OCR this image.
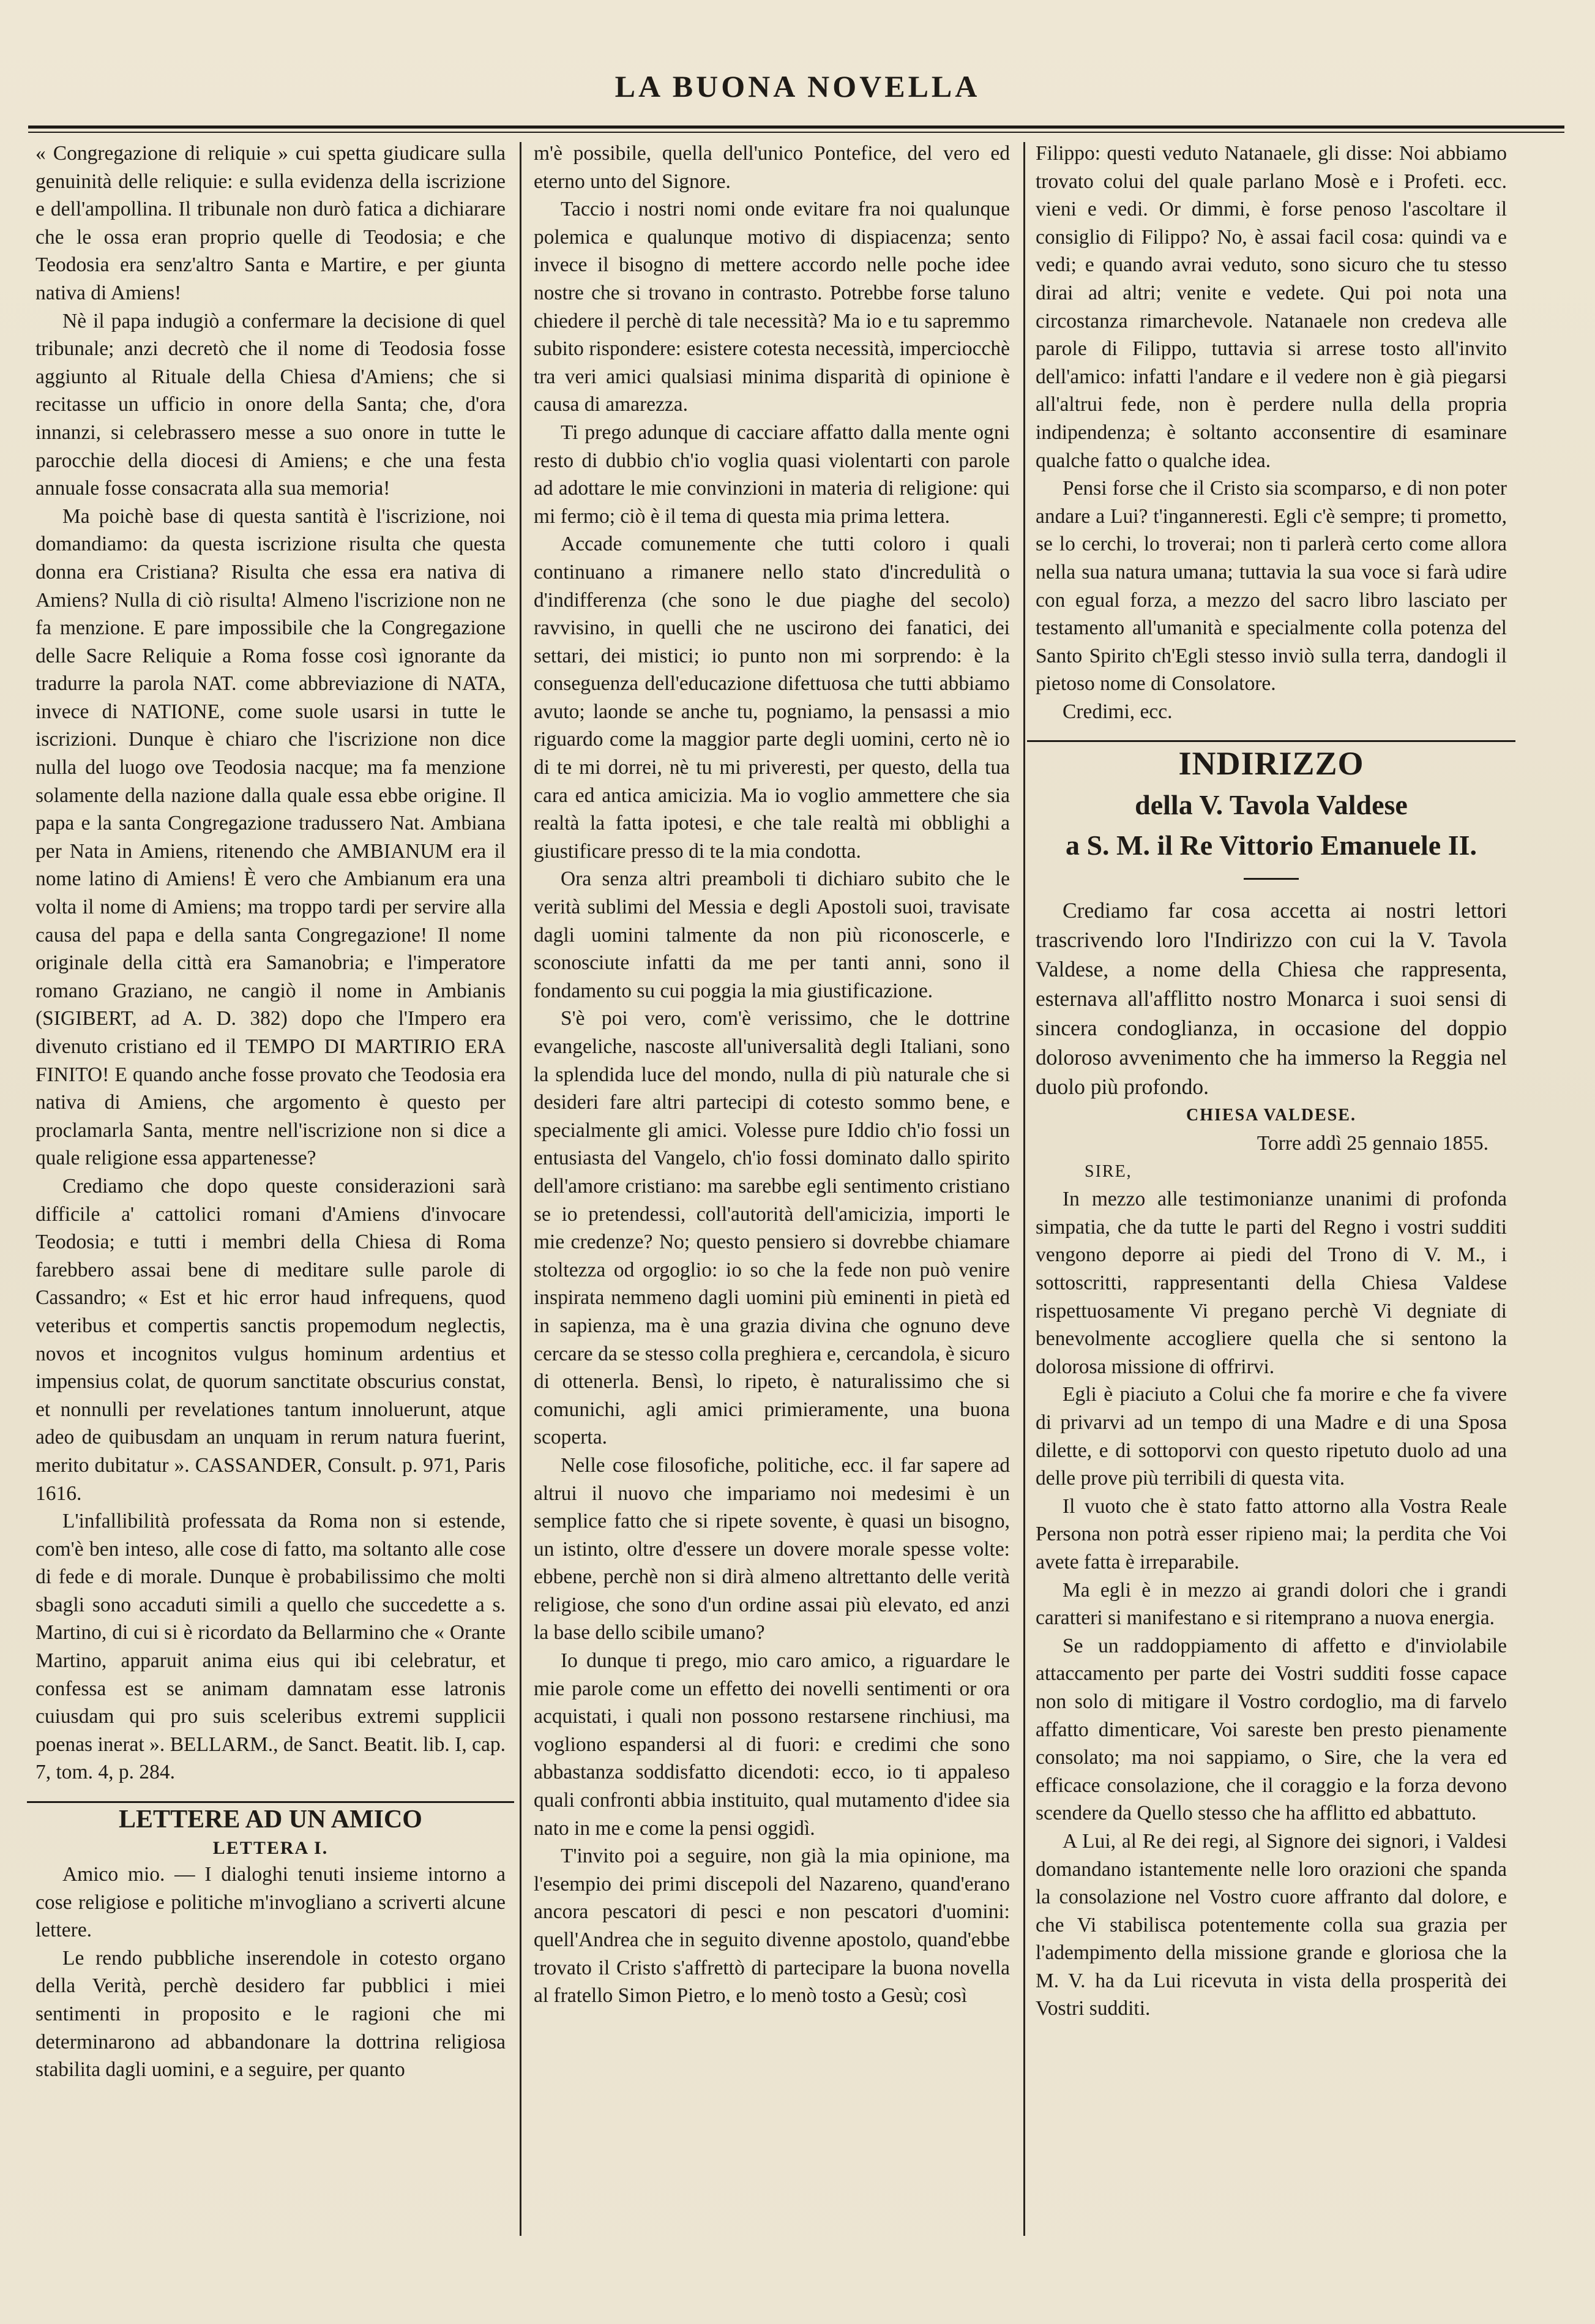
LA BUONA NOVELLA

« Congregazione di reliquie » cui spetta giudicare sulla genuinità delle reliquie: e sulla evidenza della iscrizione e dell'ampollina. Il tribunale non durò fatica a dichiarare che le ossa eran proprio quelle di Teodosia; e che Teodosia era senz'altro Santa e Martire, e per giunta nativa di Amiens!

Nè il papa indugiò a confermare la decisione di quel tribunale; anzi decretò che il nome di Teodosia fosse aggiunto al Rituale della Chiesa d'Amiens; che si recitasse un ufficio in onore della Santa; che, d'ora innanzi, si celebrassero messe a suo onore in tutte le parocchie della diocesi di Amiens; e che una festa annuale fosse consacrata alla sua memoria!

Ma poichè base di questa santità è l'iscrizione, noi domandiamo: da questa iscrizione risulta che questa donna era Cristiana? Risulta che essa era nativa di Amiens? Nulla di ciò risulta! Almeno l'iscrizione non ne fa menzione. E pare impossibile che la Congregazione delle Sacre Reliquie a Roma fosse così ignorante da tradurre la parola NAT. come abbreviazione di NATA, invece di NATIONE, come suole usarsi in tutte le iscrizioni. Dunque è chiaro che l'iscrizione non dice nulla del luogo ove Teodosia nacque; ma fa menzione solamente della nazione dalla quale essa ebbe origine. Il papa e la santa Congregazione tradussero Nat. Ambiana per Nata in Amiens, ritenendo che AMBIANUM era il nome latino di Amiens! È vero che Ambianum era una volta il nome di Amiens; ma troppo tardi per servire alla causa del papa e della santa Congregazione! Il nome originale della città era Samanobria; e l'imperatore romano Graziano, ne cangiò il nome in Ambianis (SIGIBERT, ad A. D. 382) dopo che l'Impero era divenuto cristiano ed il TEMPO DI MARTIRIO ERA FINITO! E quando anche fosse provato che Teodosia era nativa di Amiens, che argomento è questo per proclamarla Santa, mentre nell'iscrizione non si dice a quale religione essa appartenesse?

Crediamo che dopo queste considerazioni sarà difficile a' cattolici romani d'Amiens d'invocare Teodosia; e tutti i membri della Chiesa di Roma farebbero assai bene di meditare sulle parole di Cassandro; « Est et hic error haud infrequens, quod veteribus et compertis sanctis propemodum neglectis, novos et incognitos vulgus hominum ardentius et impensius colat, de quorum sanctitate obscurius constat, et nonnulli per revelationes tantum innoluerunt, atque adeo de quibusdam an unquam in rerum natura fuerint, merito dubitatur ». CASSANDER, Consult. p. 971, Paris 1616.

L'infallibilità professata da Roma non si estende, com'è ben inteso, alle cose di fatto, ma soltanto alle cose di fede e di morale. Dunque è probabilissimo che molti sbagli sono accaduti simili a quello che succedette a s. Martino, di cui si è ricordato da Bellarmino che « Orante Martino, apparuit anima eius qui ibi celebratur, et confessa est se animam damnatam esse latronis cuiusdam qui pro suis sceleribus extremi supplicii poenas inerat ». BELLARM., de Sanct. Beatit. lib. I, cap. 7, tom. 4, p. 284.

LETTERE AD UN AMICO

LETTERA I.

Amico mio. — I dialoghi tenuti insieme intorno a cose religiose e politiche m'invogliano a scriverti alcune lettere.

Le rendo pubbliche inserendole in cotesto organo della Verità, perchè desidero far pubblici i miei sentimenti in proposito e le ragioni che mi determinarono ad abbandonare la dottrina religiosa stabilita dagli uomini, e a seguire, per quanto

m'è possibile, quella dell'unico Pontefice, del vero ed eterno unto del Signore.

Taccio i nostri nomi onde evitare fra noi qualunque polemica e qualunque motivo di dispiacenza; sento invece il bisogno di mettere accordo nelle poche idee nostre che si trovano in contrasto. Potrebbe forse taluno chiedere il perchè di tale necessità? Ma io e tu sapremmo subito rispondere: esistere cotesta necessità, imperciocchè tra veri amici qualsiasi minima disparità di opinione è causa di amarezza.

Ti prego adunque di cacciare affatto dalla mente ogni resto di dubbio ch'io voglia quasi violentarti con parole ad adottare le mie convinzioni in materia di religione: qui mi fermo; ciò è il tema di questa mia prima lettera.

Accade comunemente che tutti coloro i quali continuano a rimanere nello stato d'incredulità o d'indifferenza (che sono le due piaghe del secolo) ravvisino, in quelli che ne uscirono dei fanatici, dei settari, dei mistici; io punto non mi sorprendo: è la conseguenza dell'educazione difettuosa che tutti abbiamo avuto; laonde se anche tu, pogniamo, la pensassi a mio riguardo come la maggior parte degli uomini, certo nè io di te mi dorrei, nè tu mi priveresti, per questo, della tua cara ed antica amicizia. Ma io voglio ammettere che sia realtà la fatta ipotesi, e che tale realtà mi obblighi a giustificare presso di te la mia condotta.

Ora senza altri preamboli ti dichiaro subito che le verità sublimi del Messia e degli Apostoli suoi, travisate dagli uomini talmente da non più riconoscerle, e sconosciute infatti da me per tanti anni, sono il fondamento su cui poggia la mia giustificazione.

S'è poi vero, com'è verissimo, che le dottrine evangeliche, nascoste all'universalità degli Italiani, sono la splendida luce del mondo, nulla di più naturale che si desideri fare altri partecipi di cotesto sommo bene, e specialmente gli amici. Volesse pure Iddio ch'io fossi un entusiasta del Vangelo, ch'io fossi dominato dallo spirito dell'amore cristiano: ma sarebbe egli sentimento cristiano se io pretendessi, coll'autorità dell'amicizia, importi le mie credenze? No; questo pensiero si dovrebbe chiamare stoltezza od orgoglio: io so che la fede non può venire inspirata nemmeno dagli uomini più eminenti in pietà ed in sapienza, ma è una grazia divina che ognuno deve cercare da se stesso colla preghiera e, cercandola, è sicuro di ottenerla. Bensì, lo ripeto, è naturalissimo che si comunichi, agli amici primieramente, una buona scoperta.

Nelle cose filosofiche, politiche, ecc. il far sapere ad altrui il nuovo che impariamo noi medesimi è un semplice fatto che si ripete sovente, è quasi un bisogno, un istinto, oltre d'essere un dovere morale spesse volte: ebbene, perchè non si dirà almeno altrettanto delle verità religiose, che sono d'un ordine assai più elevato, ed anzi la base dello scibile umano?

Io dunque ti prego, mio caro amico, a riguardare le mie parole come un effetto dei novelli sentimenti or ora acquistati, i quali non possono restarsene rinchiusi, ma vogliono espandersi al di fuori: e credimi che sono abbastanza soddisfatto dicendoti: ecco, io ti appaleso quali confronti abbia instituito, qual mutamento d'idee sia nato in me e come la pensi oggidì.

T'invito poi a seguire, non già la mia opinione, ma l'esempio dei primi discepoli del Nazareno, quand'erano ancora pescatori di pesci e non pescatori d'uomini: quell'Andrea che in seguito divenne apostolo, quand'ebbe trovato il Cristo s'affrettò di partecipare la buona novella al fratello Simon Pietro, e lo menò tosto a Gesù; così

Filippo: questi veduto Natanaele, gli disse: Noi abbiamo trovato colui del quale parlano Mosè e i Profeti. ecc. vieni e vedi. Or dimmi, è forse penoso l'ascoltare il consiglio di Filippo? No, è assai facil cosa: quindi va e vedi; e quando avrai veduto, sono sicuro che tu stesso dirai ad altri; venite e vedete. Qui poi nota una circostanza rimarchevole. Natanaele non credeva alle parole di Filippo, tuttavia si arrese tosto all'invito dell'amico: infatti l'andare e il vedere non è già piegarsi all'altrui fede, non è perdere nulla della propria indipendenza; è soltanto acconsentire di esaminare qualche fatto o qualche idea.

Pensi forse che il Cristo sia scomparso, e di non poter andare a Lui? t'inganneresti. Egli c'è sempre; ti prometto, se lo cerchi, lo troverai; non ti parlerà certo come allora nella sua natura umana; tuttavia la sua voce si farà udire con egual forza, a mezzo del sacro libro lasciato per testamento all'umanità e specialmente colla potenza del Santo Spirito ch'Egli stesso inviò sulla terra, dandogli il pietoso nome di Consolatore.

Credimi, ecc.

INDIRIZZO

della V. Tavola Valdese

a S. M. il Re Vittorio Emanuele II.

Crediamo far cosa accetta ai nostri lettori trascrivendo loro l'Indirizzo con cui la V. Tavola Valdese, a nome della Chiesa che rappresenta, esternava all'afflitto nostro Monarca i suoi sensi di sincera condoglianza, in occasione del doppio doloroso avvenimento che ha immerso la Reggia nel duolo più profondo.

CHIESA VALDESE.

Torre addì 25 gennaio 1855.

SIRE,

In mezzo alle testimonianze unanimi di profonda simpatia, che da tutte le parti del Regno i vostri sudditi vengono deporre ai piedi del Trono di V. M., i sottoscritti, rappresentanti della Chiesa Valdese rispettuosamente Vi pregano perchè Vi degniate di benevolmente accogliere quella che si sentono la dolorosa missione di offrirvi.

Egli è piaciuto a Colui che fa morire e che fa vivere di privarvi ad un tempo di una Madre e di una Sposa dilette, e di sottoporvi con questo ripetuto duolo ad una delle prove più terribili di questa vita.

Il vuoto che è stato fatto attorno alla Vostra Reale Persona non potrà esser ripieno mai; la perdita che Voi avete fatta è irreparabile.

Ma egli è in mezzo ai grandi dolori che i grandi caratteri si manifestano e si ritemprano a nuova energia.

Se un raddoppiamento di affetto e d'inviolabile attaccamento per parte dei Vostri sudditi fosse capace non solo di mitigare il Vostro cordoglio, ma di farvelo affatto dimenticare, Voi sareste ben presto pienamente consolato; ma noi sappiamo, o Sire, che la vera ed efficace consolazione, che il coraggio e la forza devono scendere da Quello stesso che ha afflitto ed abbattuto.

A Lui, al Re dei regi, al Signore dei signori, i Valdesi domandano istantemente nelle loro orazioni che spanda la consolazione nel Vostro cuore affranto dal dolore, e che Vi stabilisca potentemente colla sua grazia per l'adempimento della missione grande e gloriosa che la M. V. ha da Lui ricevuta in vista della prosperità dei Vostri sudditi.
